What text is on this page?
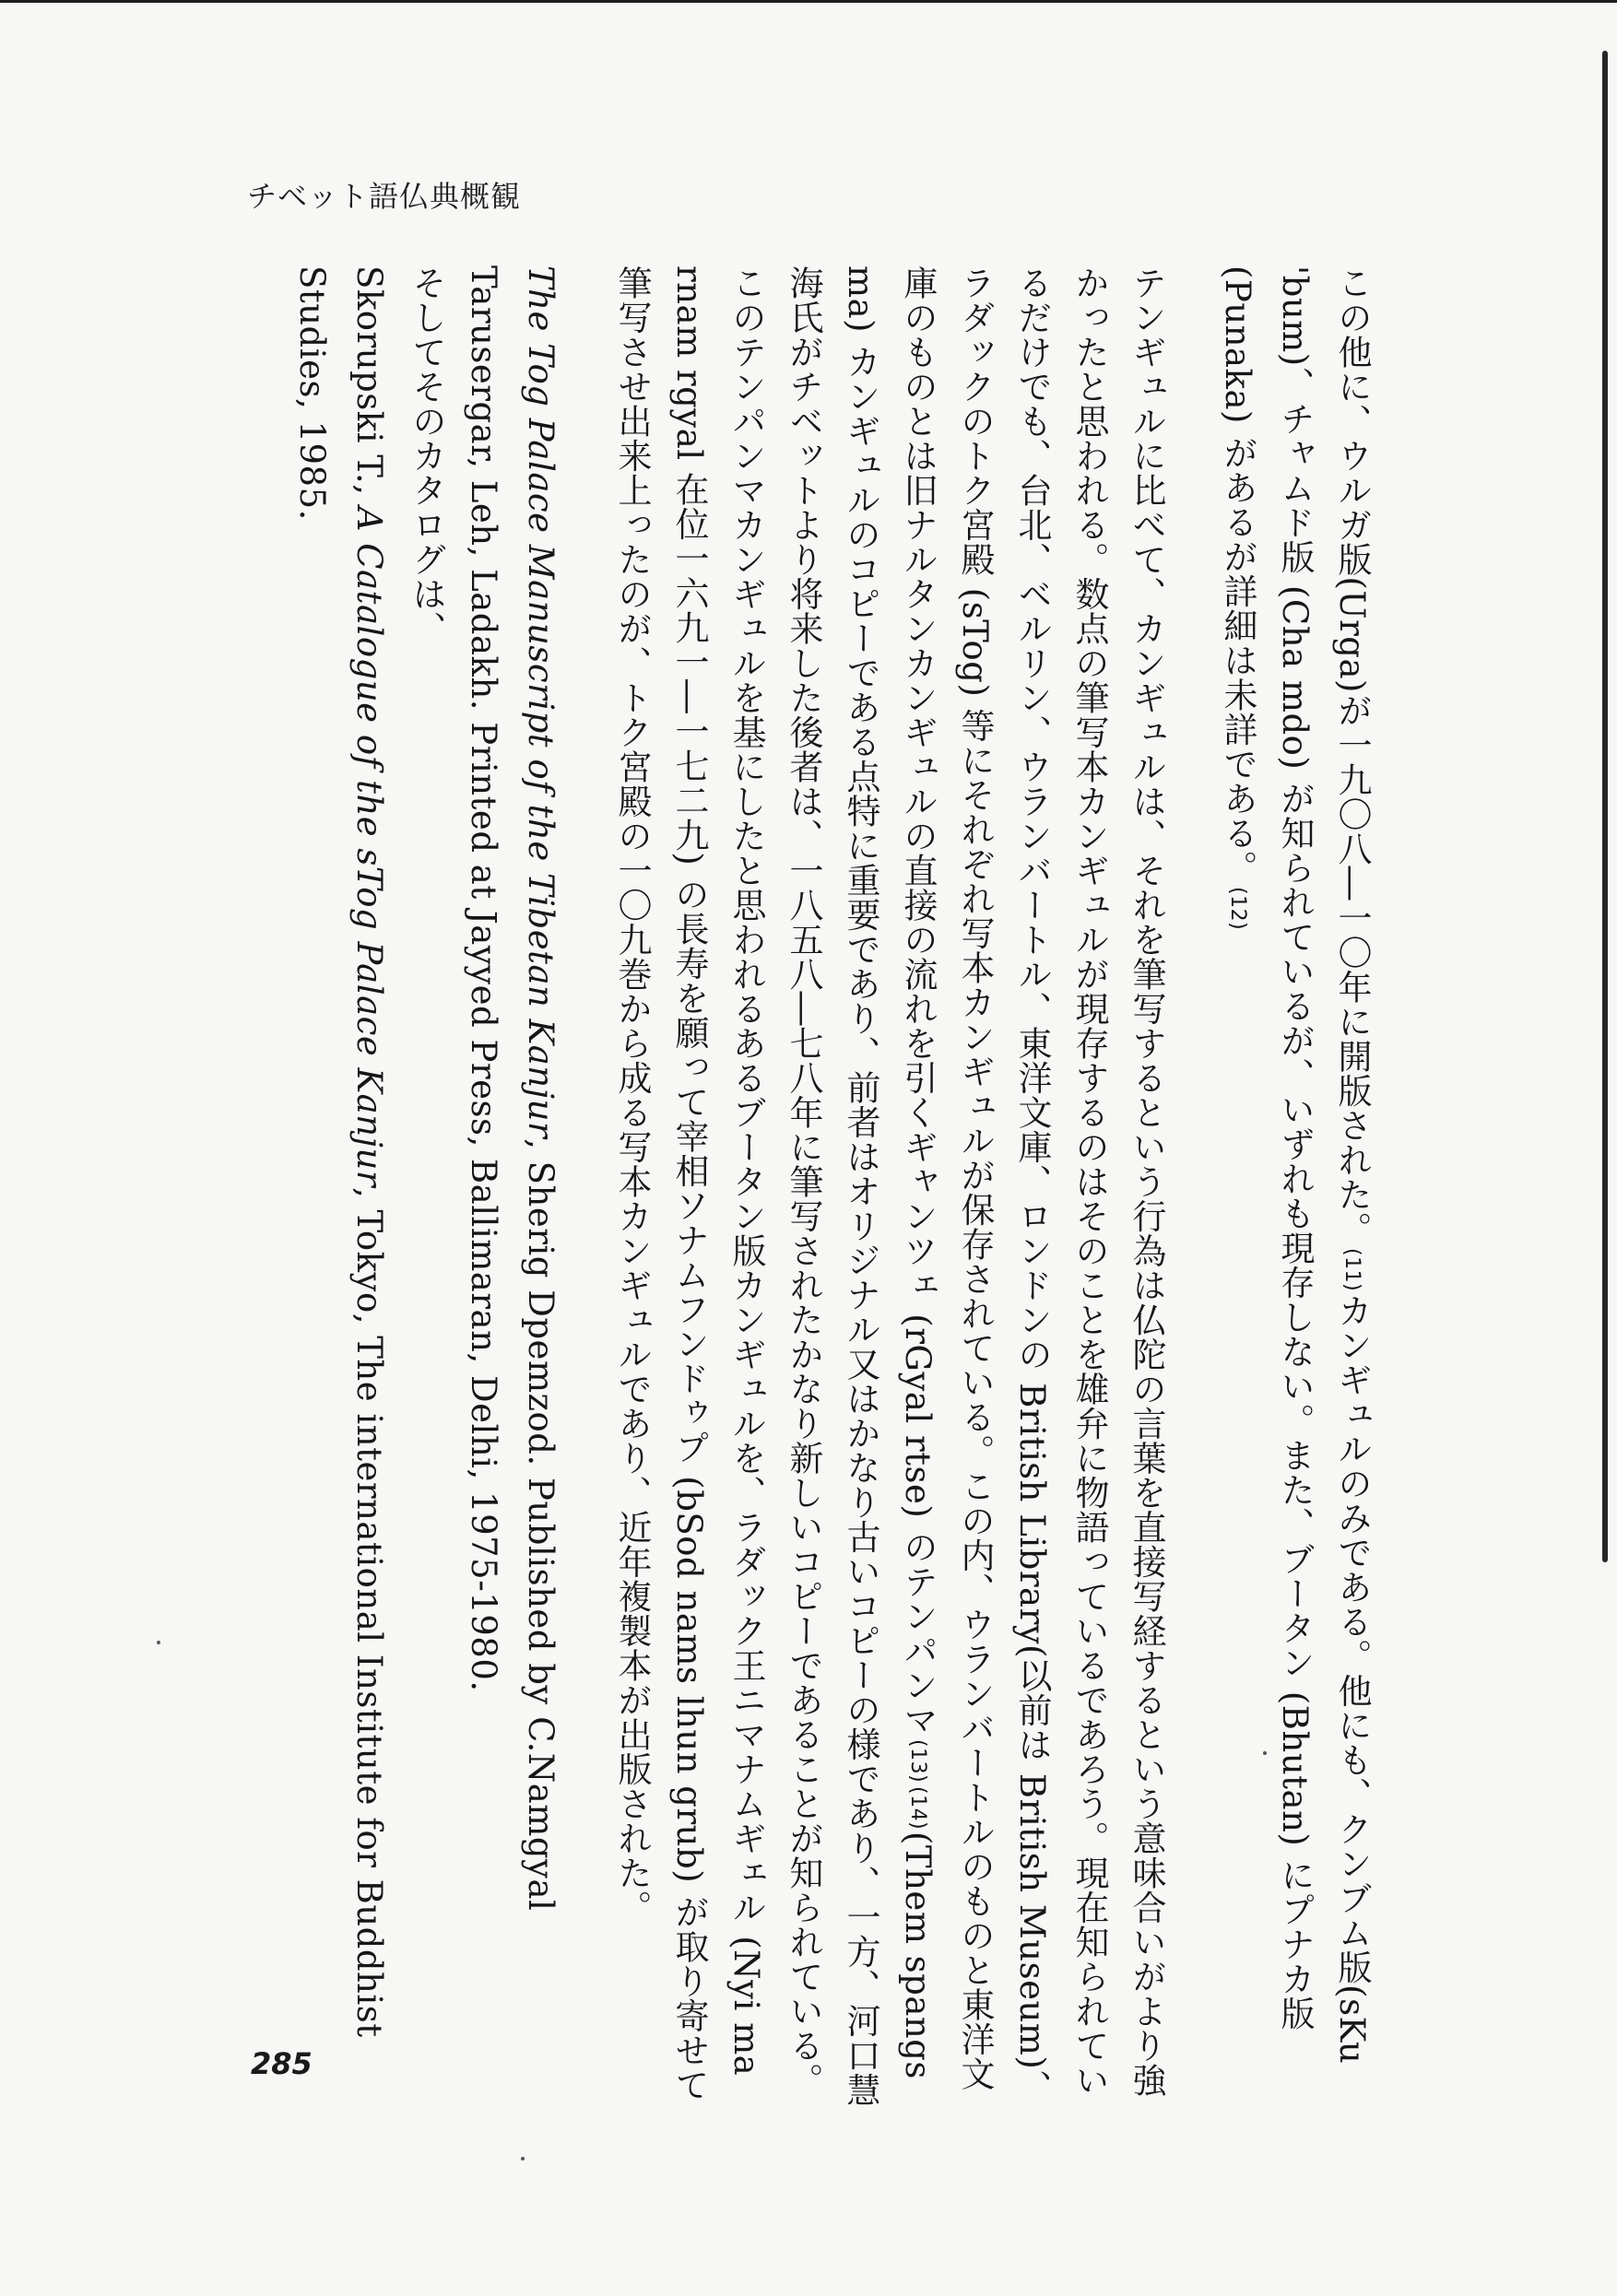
チベット語仏典概観

この他に、ウルガ版(Urga)が一九〇八―一〇年に開版された。(11)カンギュルのみである。他にも、クンブム版(sKu 'bum)、チャムド版 (Cha mdo) が知られているが、いずれも現存しない。また、ブータン (Bhutan) にプナカ版 (Punaka) があるが詳細は未詳である。(12)

テンギュルに比べて、カンギュルは、それを筆写するという行為は仏陀の言葉を直接写経するという意味合いがより強かったと思われる。数点の筆写本カンギュルが現存するのはそのことを雄弁に物語っているであろう。現在知られているだけでも、台北、ベルリン、ウランバートル、東洋文庫、ロンドンの British Library(以前は British Museum)、ラダックのトク宮殿 (sTog) 等にそれぞれ写本カンギュルが保存されている。この内、ウランバートルのものと東洋文庫のものとは旧ナルタンカンギュルの直接の流れを引くギャンツェ (rGyal rtse) のテンパンマ(13)(14)(Them spangs ma) カンギュルのコピーである点特に重要であり、前者はオリジナル又はかなり古いコピーの様であり、一方、河口慧海氏がチベットより将来した後者は、一八五八―七八年に筆写されたかなり新しいコピーであることが知られている。このテンパンマカンギュルを基にしたと思われるあるブータン版カンギュルを、ラダック王ニマナムギェル (Nyi ma rnam rgyal 在位一六九一―一七二九) の長寿を願って宰相ソナムフンドゥプ (bSod nams lhun grub) が取り寄せて筆写させ出来上ったのが、トク宮殿の一〇九巻から成る写本カンギュルであり、近年複製本が出版された。

The Tog Palace Manuscript of the Tibetan Kanjur, Sherig Dpemzod. Published by C.Namgyal Tarusergar, Leh, Ladakh. Printed at Jayyed Press, Ballimaran, Delhi, 1975-1980.

そしてそのカタログは、

Skorupski T., A Catalogue of the sTog Palace Kanjur, Tokyo, The international Institute for Buddhist Studies, 1985.

285
